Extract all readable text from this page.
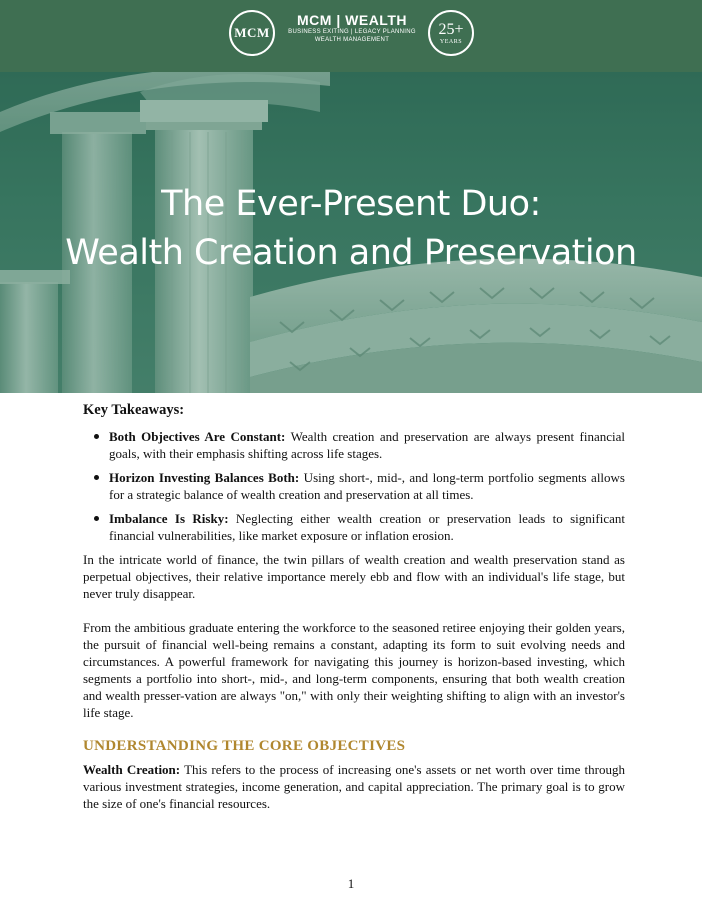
MCM
MCM | WEALTH
BUSINESS EXITING | LEGACY PLANNING
WEALTH MANAGEMENT
25+
YEARS
The Ever-Present Duo:
Wealth Creation and Preservation
Key Takeaways:
Both Objectives Are Constant: Wealth creation and preservation are always present financial goals, with their emphasis shifting across life stages.
Horizon Investing Balances Both: Using short-, mid-, and long-term portfolio segments allows for a strategic balance of wealth creation and preservation at all times.
Imbalance Is Risky: Neglecting either wealth creation or preservation leads to significant financial vulnerabilities, like market exposure or inflation erosion.

In the intricate world of finance, the twin pillars of wealth creation and wealth preservation stand as perpetual objectives, their relative importance merely ebb and flow with an individual's life stage, but never truly disappear.

From the ambitious graduate entering the workforce to the seasoned retiree enjoying their golden years, the pursuit of financial well-being remains a constant, adapting its form to suit evolving needs and circumstances. A powerful framework for navigating this journey is horizon-based investing, which segments a portfolio into short-, mid-, and long-term components, ensuring that both wealth creation and wealth presser-vation are always "on," with only their weighting shifting to align with an investor's life stage.

UNDERSTANDING THE CORE OBJECTIVES

Wealth Creation: This refers to the process of increasing one's assets or net worth over time through various investment strategies, income generation, and capital appreciation. The primary goal is to grow the size of one's financial resources.

1
